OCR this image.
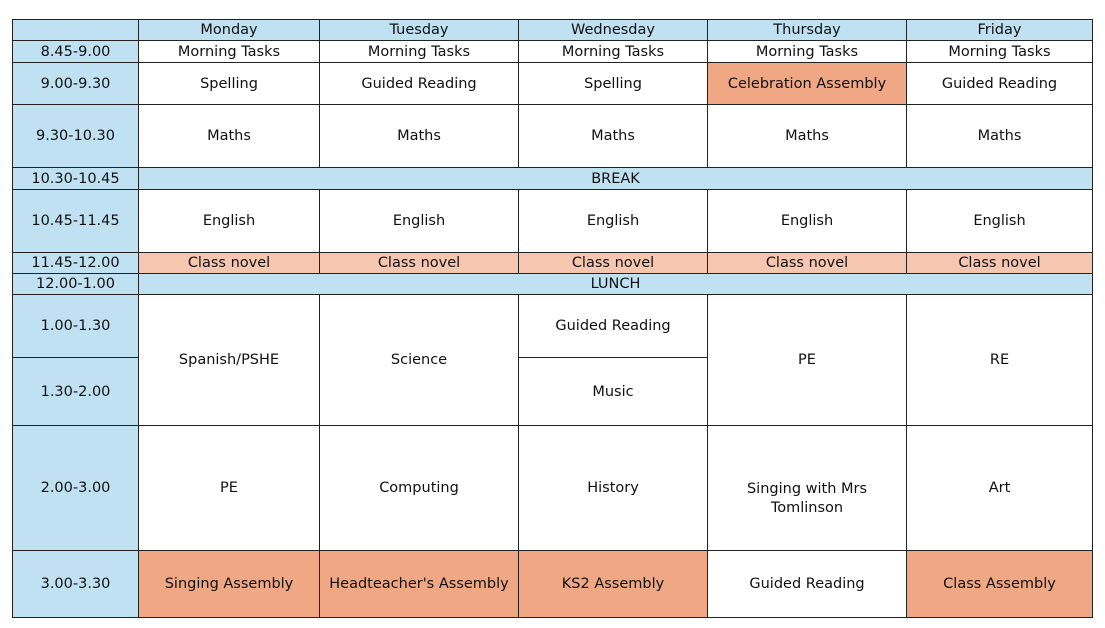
	Monday	Tuesday	Wednesday	Thursday	Friday
8.45-9.00	Morning Tasks	Morning Tasks	Morning Tasks	Morning Tasks	Morning Tasks
9.00-9.30	Spelling	Guided Reading	Spelling	Celebration Assembly	Guided Reading
9.30-10.30	Maths	Maths	Maths	Maths	Maths
10.30-10.45	BREAK				
10.45-11.45	English	English	English	English	English
11.45-12.00	Class novel	Class novel	Class novel	Class novel	Class novel
12.00-1.00	LUNCH				
1.00-1.30	Spanish/PSHE	Science	Guided Reading	PE	RE
1.30-2.00			Music		
2.00-3.00	PE	Computing	History	Singing with Mrs Tomlinson	Art
3.00-3.30	Singing Assembly	Headteacher's Assembly	KS2 Assembly	Guided Reading	Class Assembly
